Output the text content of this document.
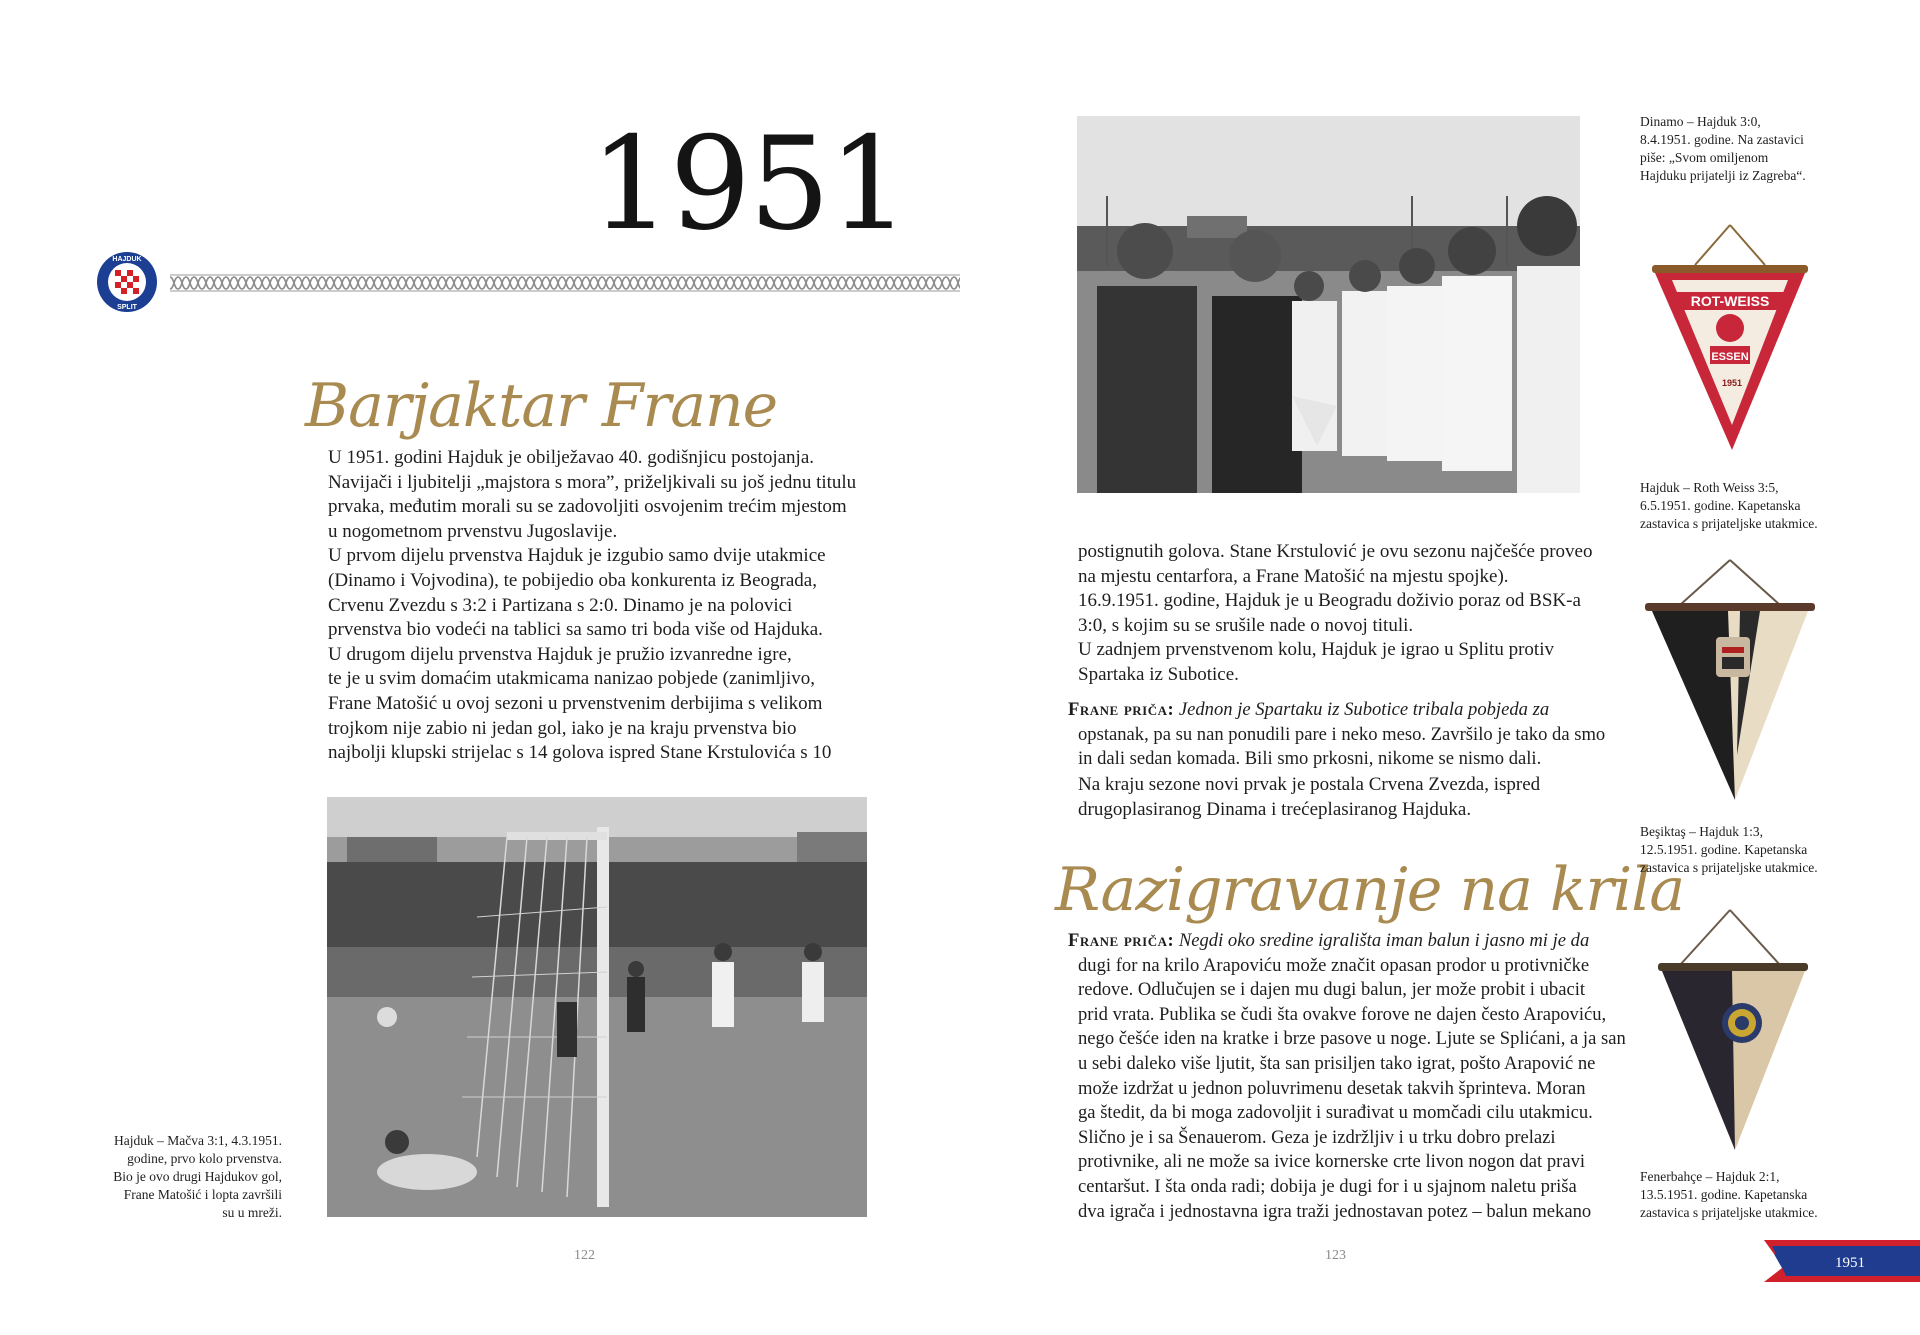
1951
HAJDUK
SPLIT
Barjaktar Frane

U 1951. godini Hajduk je obilježavao 40. godišnjicu postojanja.

Navijači i ljubitelji „majstora s mora”, priželjkivali su još jednu titulu

prvaka, međutim morali su se zadovoljiti osvojenim trećim mjestom

u nogometnom prvenstvu Jugoslavije.

U prvom dijelu prvenstva Hajduk je izgubio samo dvije utakmice

(Dinamo i Vojvodina), te pobijedio oba konkurenta iz Beograda,

Crvenu Zvezdu s 3:2 i Partizana s 2:0. Dinamo je na polovici

prvenstva bio vodeći na tablici sa samo tri boda više od Hajduka.

U drugom dijelu prvenstva Hajduk je pružio izvanredne igre,

te je u svim domaćim utakmicama nanizao pobjede (zanimljivo,

Frane Matošić u ovoj sezoni u prvenstvenim derbijima s velikom

trojkom nije zabio ni jedan gol, iako je na kraju prvenstva bio

najbolji klupski strijelac s 14 golova ispred Stane Krstulovića s 10

Hajduk – Mačva 3:1, 4.3.1951.

godine, prvo kolo prvenstva.

Bio je ovo drugi Hajdukov gol,

Frane Matošić i lopta završili

su u mreži.

122

postignutih golova. Stane Krstulović je ovu sezonu najčešće proveo

na mjestu centarfora, a Frane Matošić na mjestu spojke).

16.9.1951. godine, Hajduk je u Beogradu doživio poraz od BSK-a

3:0, s kojim su se srušile nade o novoj tituli.

U zadnjem prvenstvenom kolu, Hajduk je igrao u Splitu protiv

Spartaka iz Subotice.

Frane priča: Jednon je Spartaku iz Subotice tribala pobjeda za

opstanak, pa su nan ponudili pare i neko meso. Završilo je tako da smo

in dali sedan komada. Bili smo prkosni, nikome se nismo dali.

Na kraju sezone novi prvak je postala Crvena Zvezda, ispred

drugoplasiranog Dinama i trećeplasiranog Hajduka.

Razigravanje na krila

Frane priča: Negdi oko sredine igrališta iman balun i jasno mi je da

dugi for na krilo Arapoviću može značit opasan prodor u protivničke

redove. Odlučujen se i dajen mu dugi balun, jer može probit i ubacit

prid vrata. Publika se čudi šta ovakve forove ne dajen često Arapoviću,

nego češće iden na kratke i brze pasove u noge. Ljute se Splićani, a ja san

u sebi daleko više ljutit, šta san prisiljen tako igrat, pošto Arapović ne

može izdržat u jednon poluvrimenu desetak takvih šprinteva. Moran

ga štedit, da bi moga zadovoljit i surađivat u momčadi cilu utakmicu.

Slično je i sa Šenauerom. Geza je izdržljiv i u trku dobro prelazi

protivnike, ali ne može sa ivice kornerske crte livon nogon dat pravi

centaršut. I šta onda radi; dobija je dugi for i u sjajnom naletu priša

dva igrača i jednostavna igra traži jednostavan potez – balun mekano

123

Dinamo – Hajduk 3:0,

8.4.1951. godine. Na zastavici

piše: „Svom omiljenom

Hajduku prijatelji iz Zagreba“.

ROT-WEISS
ESSEN
1951

Hajduk – Roth Weiss 3:5,

6.5.1951. godine. Kapetanska

zastavica s prijateljske utakmice.

Beşiktaş – Hajduk 1:3,

12.5.1951. godine. Kapetanska

zastavica s prijateljske utakmice.

Fenerbahçe – Hajduk 2:1,

13.5.1951. godine. Kapetanska

zastavica s prijateljske utakmice.

1951
